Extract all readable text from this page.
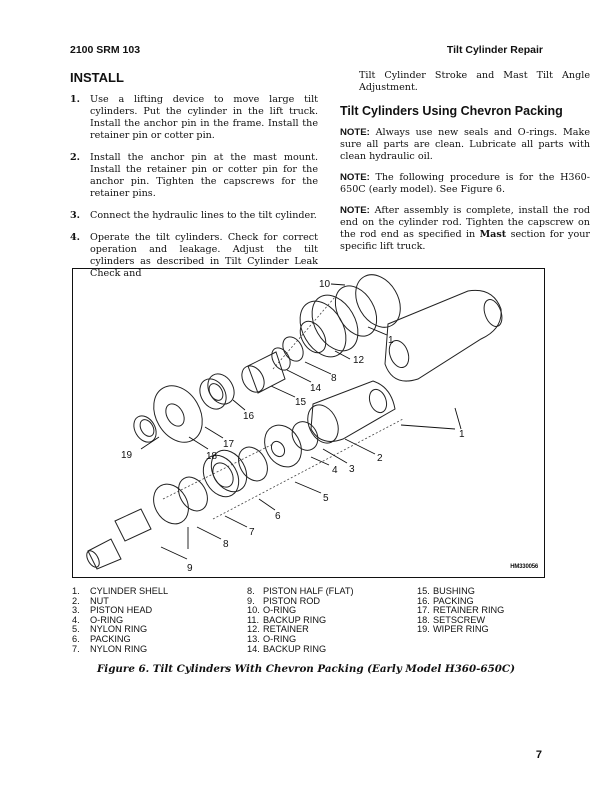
2100 SRM 103	Tilt Cylinder Repair
INSTALL
1. Use a lifting device to move large tilt cylinders. Put the cylinder in the lift truck. Install the anchor pin in the frame. Install the retainer pin or cotter pin.
2. Install the anchor pin at the mast mount. Install the retainer pin or cotter pin for the anchor pin. Tighten the capscrews for the retainer pins.
3. Connect the hydraulic lines to the tilt cylinder.
4. Operate the tilt cylinders. Check for correct operation and leakage. Adjust the tilt cylinders as described in Tilt Cylinder Leak Check and

Tilt Cylinder Stroke and Mast Tilt Angle Adjustment.

Tilt Cylinders Using Chevron Packing

NOTE: Always use new seals and O-rings. Make sure all parts are clean. Lubricate all parts with clean hydraulic oil.

NOTE: The following procedure is for the H360-650C (early model). See Figure 6.

NOTE: After assembly is complete, install the rod end on the cylinder rod. Tighten the capscrew on the rod end as specified in Mast section for your specific lift truck.

10
1
12
8
14
15
16
17
18
19
1
2
4 3
5
6
7
8
9	HM330056
1.	CYLINDER SHELL
2.	NUT
3.	PISTON HEAD
4.	O-RING
5.	NYLON RING
6.	PACKING
7.	NYLON RING
8. PISTON HALF (FLAT)
9. PISTON ROD
10. O-RING
11. BACKUP RING
12. RETAINER
13. O-RING
14. BACKUP RING
15. BUSHING
16. PACKING
17. RETAINER RING
18. SETSCREW
19. WIPER RING
Figure 6. Tilt Cylinders With Chevron Packing (Early Model H360-650C)
7
